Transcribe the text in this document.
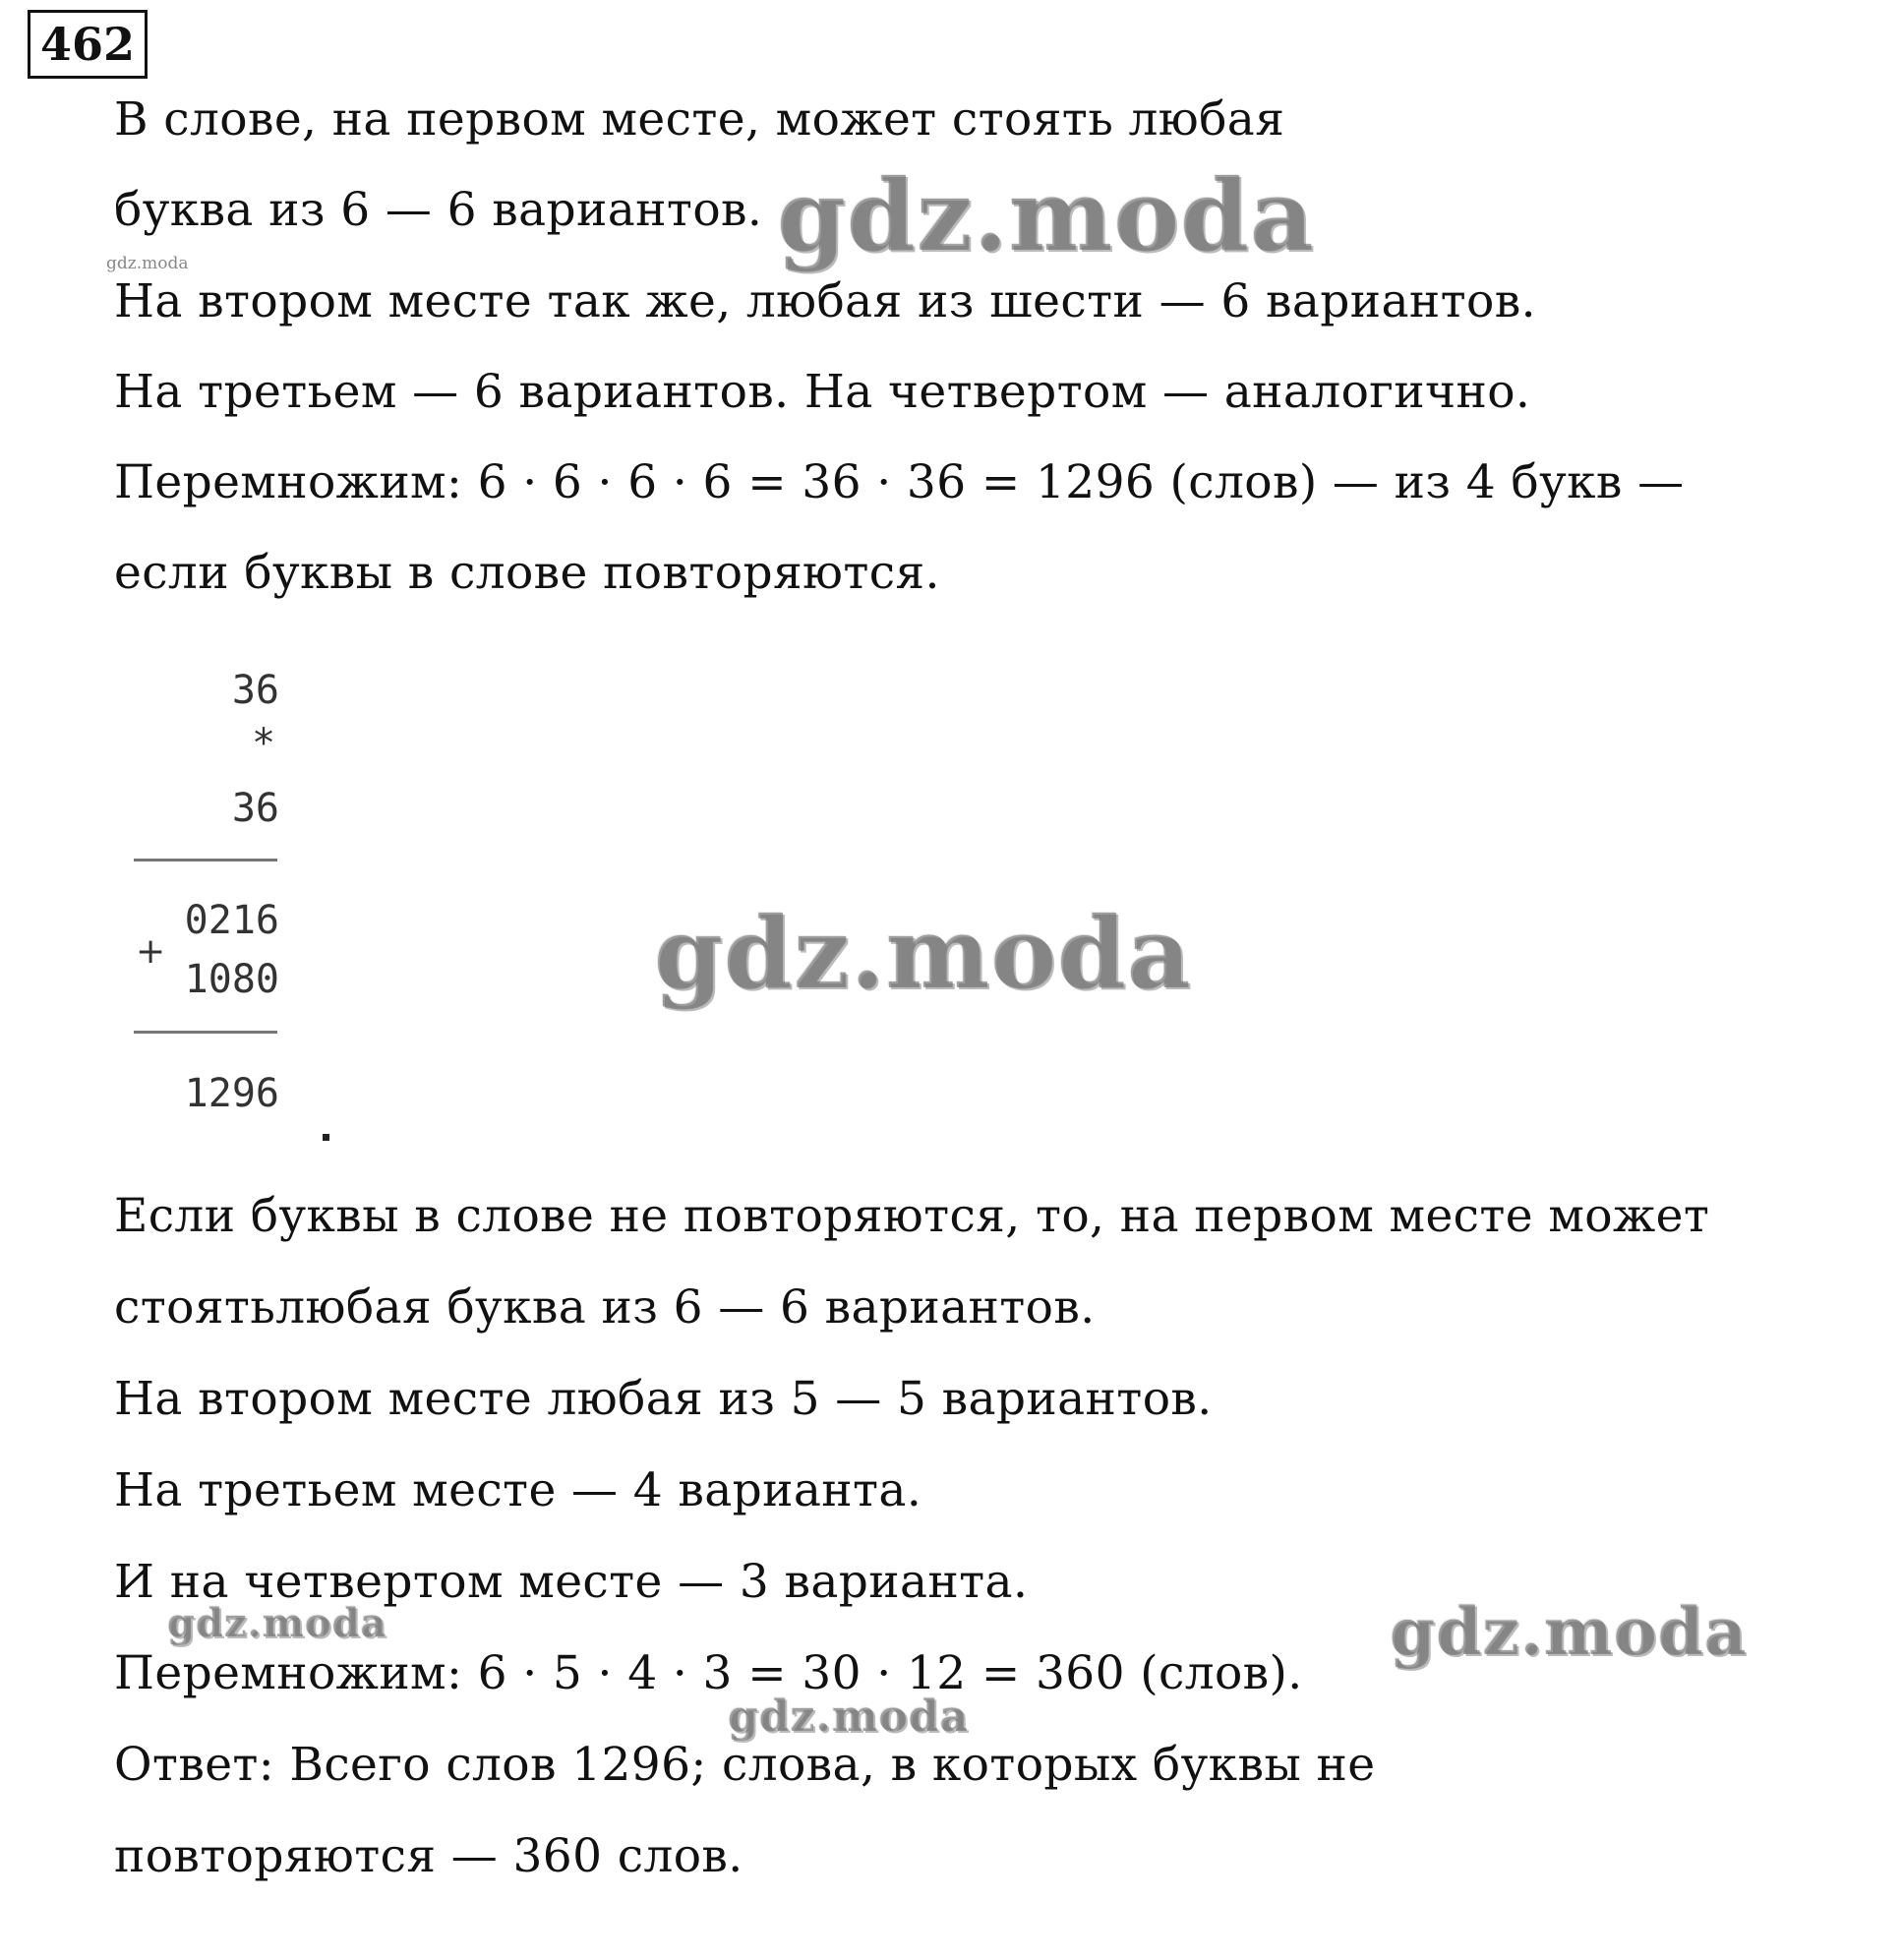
462
В слове, на первом месте, может стоять любая
буква из 6 — 6 вариантов.
На втором месте так же, любая из шести — 6 вариантов.
На третьем — 6 вариантов. На четвертом — аналогично.
Перемножим: 6 · 6 · 6 · 6 = 36 · 36 = 1296 (слов) — из 4 букв —
если буквы в слове повторяются.
36
*
36
0216
+
1080
1296
Если буквы в слове не повторяются, то, на первом месте может
стоятьлюбая буква из 6 — 6 вариантов.
На втором месте любая из 5 — 5 вариантов.
На третьем месте — 4 варианта.
И на четвертом месте — 3 варианта.
Перемножим: 6 · 5 · 4 · 3 = 30 · 12 = 360 (слов).
Ответ: Всего слов 1296; слова, в которых буквы не
повторяются — 360 слов.
gdz.moda
gdz.moda
gdz.moda
gdz.moda	gdz.moda
gdz.moda
